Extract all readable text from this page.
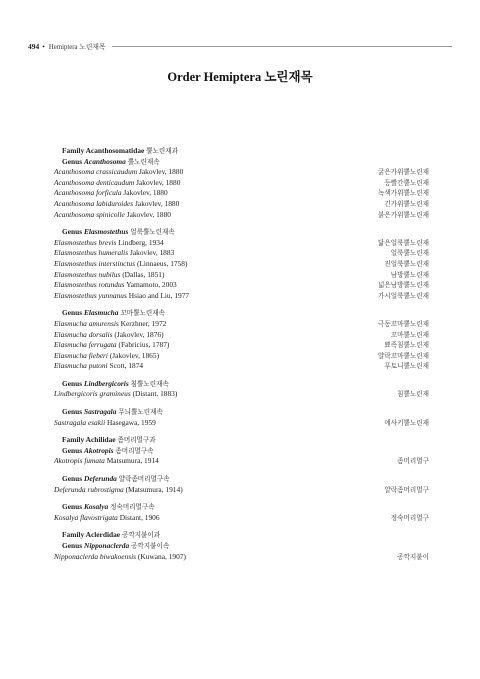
494 • Hemiptera 노린재목
Order Hemiptera 노린재목
Family Acanthosomatidae 뿔노린재과
Genus Acanthosoma 뿔노린재속
Acanthosoma crassicaudum Jakovlev, 1880	굵은가위뿔노린재
Acanthosoma denticaudum Jakovlev, 1880	등빨간뿔노린재
Acanthosoma forficula Jakovlev, 1880	녹색가위뿔노린재
Acanthosoma labiduroides Jakovlev, 1880	긴가위뿔노린재
Acanthosoma spinicolle Jakovlev, 1880	붉은가위뿔노린재
Genus Elasmostethus 얼룩뿔노린재속
Elasmostethus brevis Lindberg, 1934	닮은얼룩뿔노린재
Elasmostethus humeralis Jakovlev, 1883	얼룩뿔노린재
Elasmostethus interstinctus (Linnaeus, 1758)	진얼룩뿔노린재
Elasmostethus nubilus (Dallas, 1851)	남방뿔노린재
Elasmostethus rotundus Yamamoto, 2003	넓은남방뿔노린재
Elasmostethus yunnanus Hsiao and Liu, 1977	가시얼룩뿔노린재
Genus Elasmucha 꼬마뿔노린재속
Elasmucha amurensis Kerzhner, 1972	극동꼬마뿔노린재
Elasmucha dorsalis (Jakovlev, 1876)	꼬마뿔노린재
Elasmucha ferrugata (Fabricius, 1787)	뾰족침뿔노린재
Elasmucha fieberi (Jakovlev, 1865)	얄락꼬마뿔노린재
Elasmucha putoni Scott, 1874	푸토니뿔노린재
Genus Lindbergicoris 침뿔노린재속
Lindbergicoris gramineus (Distant, 1883)	침뿔노린재
Genus Sastragala 무늬뿔노린재속
Sastragala esakii Hasegawa, 1959	에사키뿔노린재
Family Achilidae 좀머리멸구과
Genus Akotropis 좀머리멸구속
Akotropis fumata Matsumura, 1914	좀머리멸구
Genus Deferunda 얄락좀머리멸구속
Deferunda rubrostigma (Matsumura, 1914)	얄락좀머리멸구
Genus Kosalya 정숙머리멸구속
Kosalya flavostrigata Distant, 1906	정숙머리멸구
Family Aclerdidae 공깍지붙이과
Genus Nipponaclerda 공깍지붙이속
Nipponaclerda biwakoensis (Kuwana, 1907)	공깍지붙이
